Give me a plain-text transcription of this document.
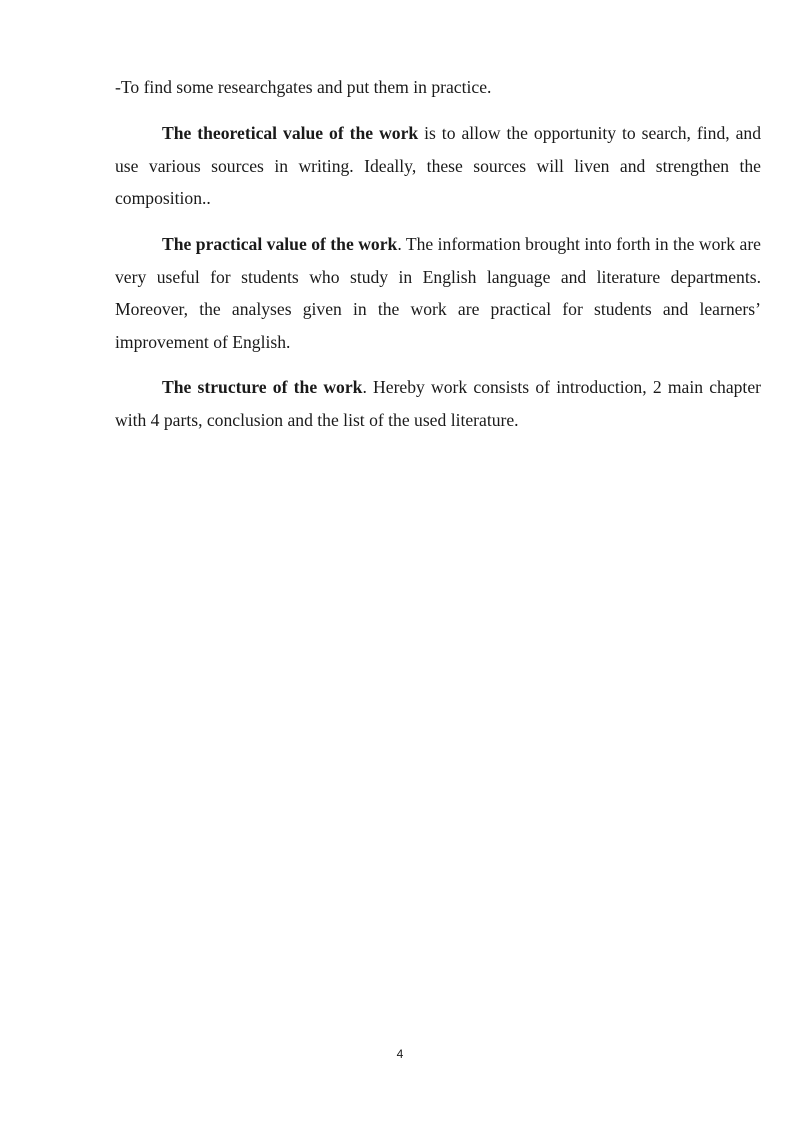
-To find some researchgates and put them in practice.

The theoretical value of the work is to allow the opportunity to search, find, and use various sources in writing. Ideally, these sources will liven and strengthen the composition..

The practical value of the work. The information brought into forth in the work are very useful for students who study in English language and literature departments. Moreover, the analyses given in the work are practical for students and learners’ improvement of English.

The structure of the work. Hereby work consists of introduction, 2 main chapter with 4 parts, conclusion and the list of the used literature.

4
